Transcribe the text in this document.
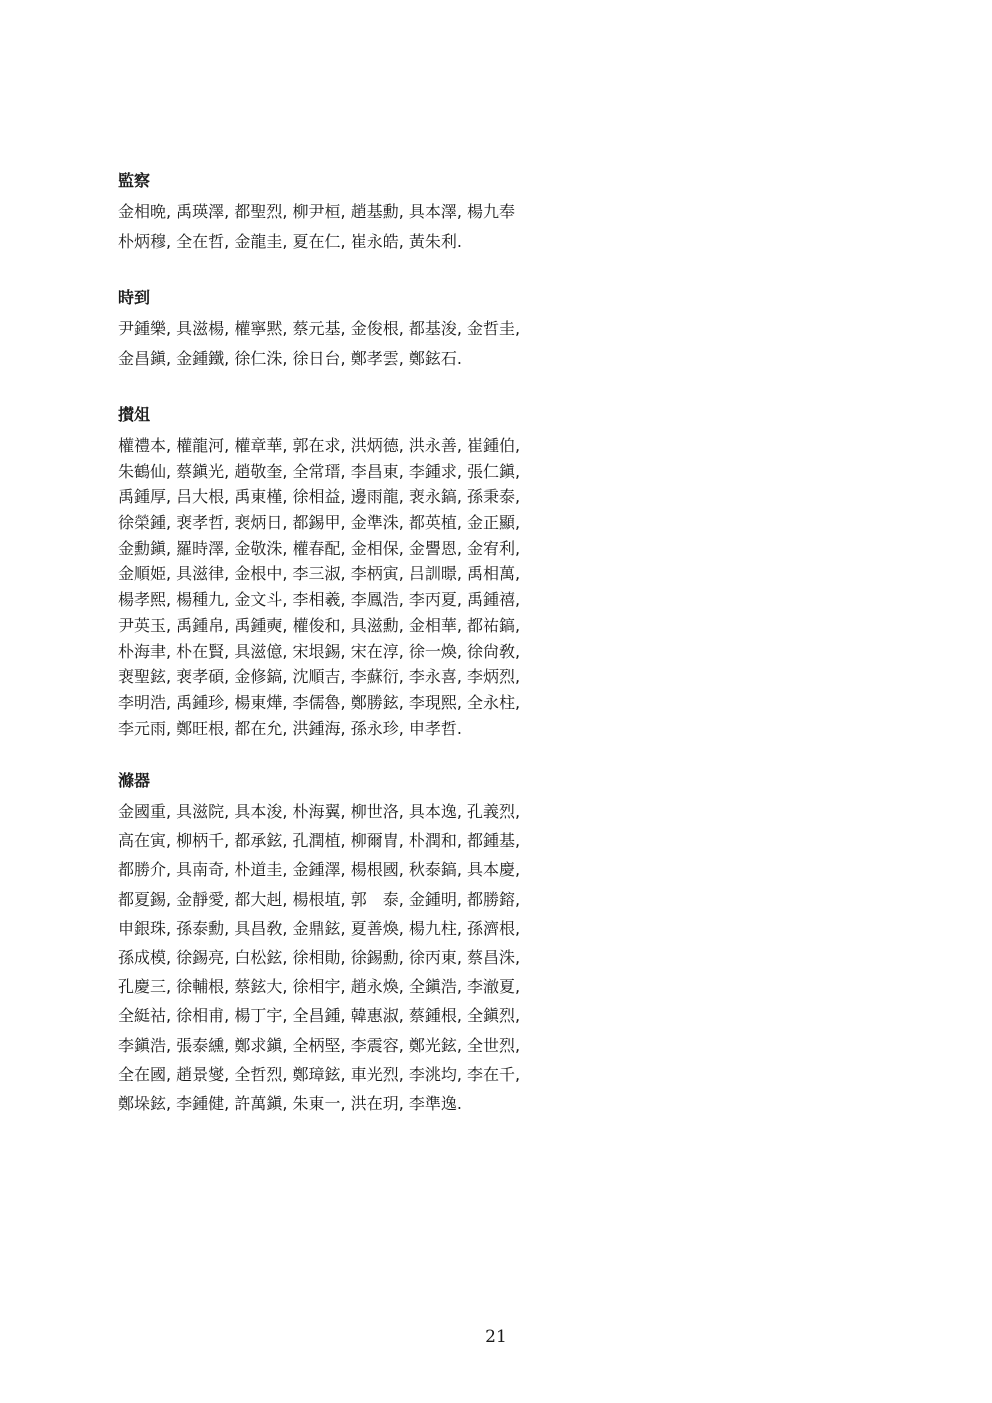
監察
金相晩, 禹瑛澤, 都聖烈, 柳尹桓, 趙基勳, 具本澤, 楊九奉
朴炳穆, 全在哲, 金龍圭, 夏在仁, 崔永皓, 黃朱利.
時到
尹鍾樂, 具滋楊, 權寧黙, 蔡元基, 金俊根, 都基浚, 金哲圭,
金昌鎭, 金鍾鐵, 徐仁洙, 徐日台, 鄭孝雲, 鄭鉉石.
攅俎
權禮本, 權龍河, 權章華, 郭在求, 洪炳德, 洪永善, 崔鍾伯,
朱鶴仙, 蔡鎭光, 趙敬奎, 全常瑨, 李昌東, 李鍾求, 張仁鎭,
禹鍾厚, 吕大根, 禹東槿, 徐相益, 邊雨龍, 裵永鎬, 孫秉泰,
徐榮鍾, 裵孝哲, 裵炳日, 都錫甲, 金準洙, 都英植, 金正顯,
金勳鎭, 羅時澤, 金敬洙, 權春配, 金相保, 金譻恩, 金宥利,
金順姫, 具滋律, 金根中, 李三淑, 李柄寅, 吕訓暻, 禹相萬,
楊孝熙, 楊種九, 金文斗, 李相羲, 李鳳浩, 李丙夏, 禹鍾禧,
尹英玉, 禹鍾帛, 禹鍾奭, 權俊和, 具滋勳, 金相華, 都祐鎬,
朴海聿, 朴在賢, 具滋億, 宋垠錫, 宋在淳, 徐一煥, 徐尙敎,
裵聖鉉, 裵孝碩, 金修鎬, 沈順吉, 李蘇衍, 李永喜, 李炳烈,
李明浩, 禹鍾珍, 楊東燁, 李儒魯, 鄭勝鉉, 李現熙, 全永柱,
李元雨, 鄭旺根, 都在允, 洪鍾海, 孫永珍, 申孝哲.
滌器
金國重, 具滋院, 具本浚, 朴海翼, 柳世洛, 具本逸, 孔義烈,
高在寅, 柳柄千, 都承鉉, 孔潤植, 柳爾冑, 朴潤和, 都鍾基,
都勝介, 具南奇, 朴道圭, 金鍾澤, 楊根國, 秋泰鎬, 具本慶,
都夏錫, 金靜愛, 都大赳, 楊根埴, 郭　泰, 金鍾明, 都勝鎔,
申銀珠, 孫泰勳, 具昌敎, 金鼎鉉, 夏善煥, 楊九柱, 孫濟根,
孫成模, 徐錫亮, 白松鉉, 徐相勛, 徐錫勳, 徐丙東, 蔡昌洙,
孔慶三, 徐輔根, 蔡鉉大, 徐相宇, 趙永煥, 全鎭浩, 李澈夏,
全綎祜, 徐相甫, 楊丁宇, 全昌鍾, 韓惠淑, 蔡鍾根, 全鎭烈,
李鎭浩, 張泰纁, 鄭求鎭, 全柄堅, 李震容, 鄭光鉉, 全世烈,
全在國, 趙景燮, 全哲烈, 鄭璋鉉, 車光烈, 李洮均, 李在千,
鄭垛鉉, 李鍾健, 許萬鎭, 朱東一, 洪在玥, 李準逸.
21
